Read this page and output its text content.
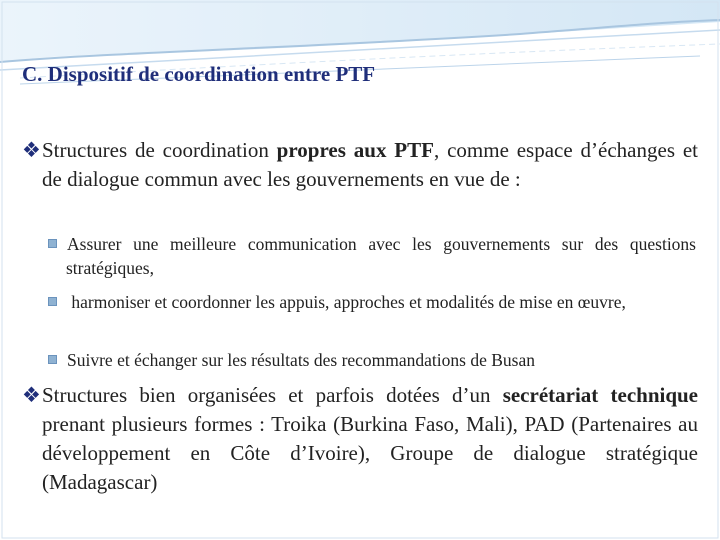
C. Dispositif de coordination entre PTF
❖Structures de coordination propres aux PTF, comme espace d’échanges et de dialogue commun avec les gouvernements en vue de :
Assurer une meilleure communication avec les gouvernements sur des questions stratégiques,
harmoniser et coordonner les appuis, approches et modalités de mise en œuvre,
Suivre et échanger sur les résultats des recommandations de Busan
❖Structures bien organisées et parfois dotées d’un secrétariat technique prenant plusieurs formes : Troika (Burkina Faso, Mali), PAD (Partenaires au développement en Côte d’Ivoire), Groupe de dialogue stratégique (Madagascar)
